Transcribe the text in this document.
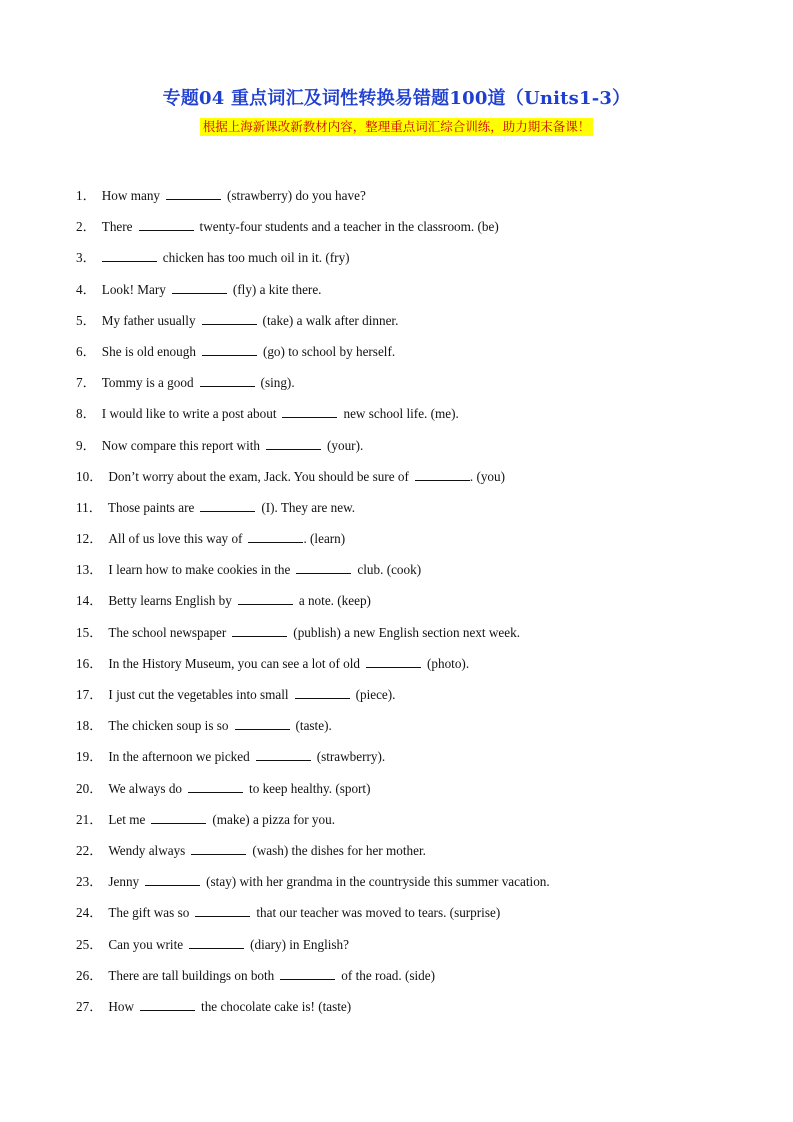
专题04 重点词汇及词性转换易错题100道（Units1-3）
根据上海新课改新教材内容，整理重点词汇综合训练，助力期末备课！
1． How many	(strawberry) do you have?
2． There	twenty-four students and a teacher in the classroom. (be)
3．	chicken has too much oil in it. (fry)
4． Look! Mary	(fly) a kite there.
5． My father usually	(take) a walk after dinner.
6． She is old enough	(go) to school by herself.
7． Tommy is a good	(sing).
8． I would like to write a post about	new school life. (me).
9． Now compare this report with	(your).
10． Don’t worry about the exam, Jack. You should be sure of	. (you)
11． Those paints are	(I). They are new.
12． All of us love this way of	. (learn)
13． I learn how to make cookies in the	club. (cook)
14． Betty learns English by	a note. (keep)
15． The school newspaper	(publish) a new English section next week.
16． In the History Museum, you can see a lot of old	(photo).
17． I just cut the vegetables into small	(piece).
18． The chicken soup is so	(taste).
19． In the afternoon we picked	(strawberry).
20． We always do	to keep healthy. (sport)
21． Let me	(make) a pizza for you.
22． Wendy always	(wash) the dishes for her mother.
23． Jenny	(stay) with her grandma in the countryside this summer vacation.
24． The gift was so	that our teacher was moved to tears. (surprise)
25． Can you write	(diary) in English?
26． There are tall buildings on both	of the road. (side)
27． How	the chocolate cake is! (taste)
